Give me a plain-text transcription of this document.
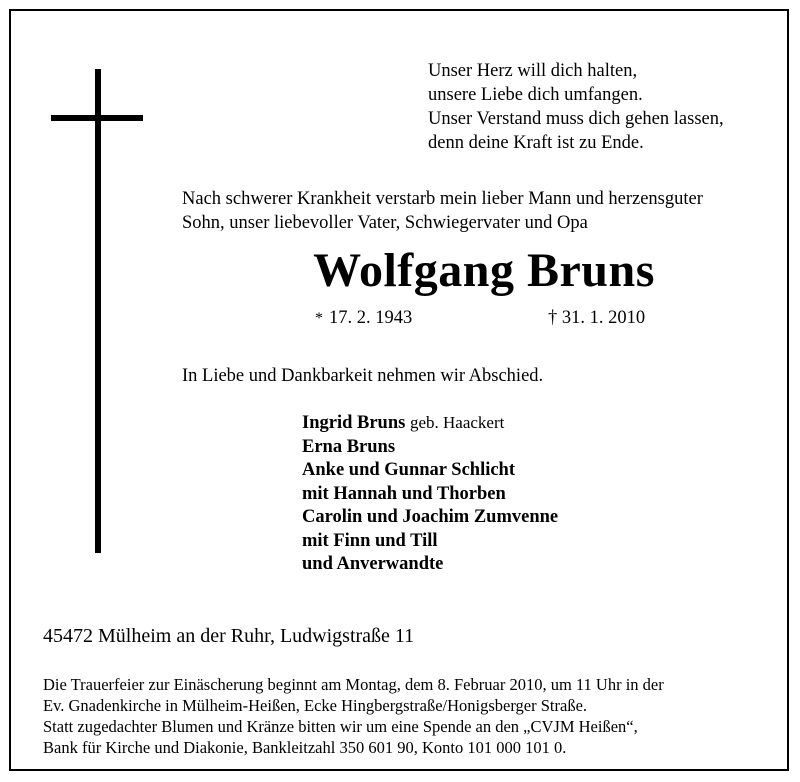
Unser Herz will dich halten,
unsere Liebe dich umfangen.
Unser Verstand muss dich gehen lassen,
denn deine Kraft ist zu Ende.
Nach schwerer Krankheit verstarb mein lieber Mann und herzensguter
Sohn, unser liebevoller Vater, Schwiegervater und Opa
Wolfgang Bruns
* 17. 2. 1943	† 31. 1. 2010
In Liebe und Dankbarkeit nehmen wir Abschied.
Ingrid Bruns geb. Haackert
Erna Bruns
Anke und Gunnar Schlicht
mit Hannah und Thorben
Carolin und Joachim Zumvenne
mit Finn und Till
und Anverwandte
45472 Mülheim an der Ruhr, Ludwigstraße 11
Die Trauerfeier zur Einäscherung beginnt am Montag, dem 8. Februar 2010, um 11 Uhr in der
Ev. Gnadenkirche in Mülheim-Heißen, Ecke Hingbergstraße/Honigsberger Straße.
Statt zugedachter Blumen und Kränze bitten wir um eine Spende an den „CVJM Heißen“,
Bank für Kirche und Diakonie, Bankleitzahl 350 601 90, Konto 101 000 101 0.
